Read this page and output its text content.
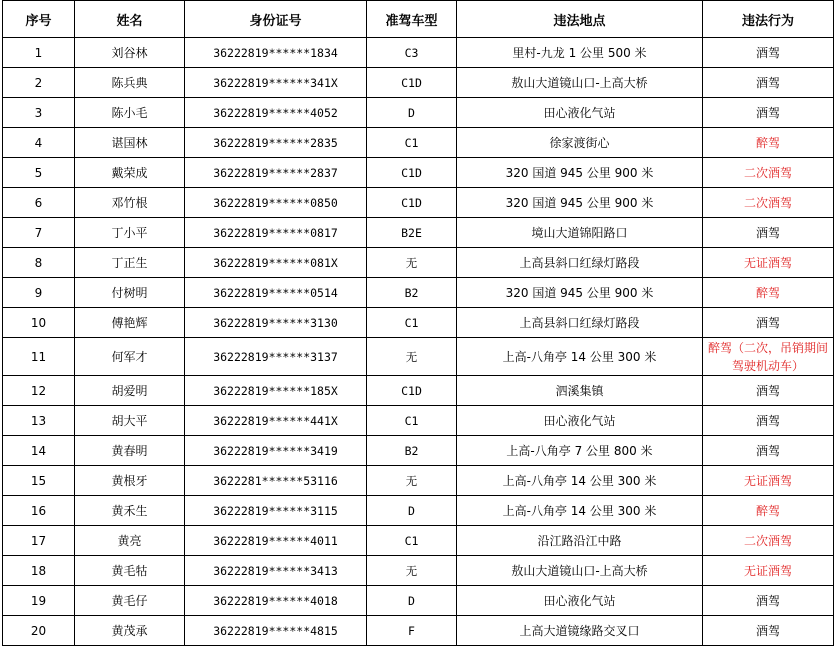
序号	姓名	身份证号	准驾车型	违法地点	违法行为
1	刘谷林	36222819******1834	C3	里村-九龙 1 公里 500 米	酒驾
2	陈兵典	36222819******341X	C1D	敖山大道镜山口-上高大桥	酒驾
3	陈小毛	36222819******4052	D	田心液化气站	酒驾
4	谌国林	36222819******2835	C1	徐家渡街心	醉驾
5	戴荣成	36222819******2837	C1D	320 国道 945 公里 900 米	二次酒驾
6	邓竹根	36222819******0850	C1D	320 国道 945 公里 900 米	二次酒驾
7	丁小平	36222819******0817	B2E	境山大道锦阳路口	酒驾
8	丁正生	36222819******081X	无	上高县斜口红绿灯路段	无证酒驾
9	付树明	36222819******0514	B2	320 国道 945 公里 900 米	醉驾
10	傅艳辉	36222819******3130	C1	上高县斜口红绿灯路段	酒驾
11	何军才	36222819******3137	无	上高-八角亭 14 公里 300 米	醉驾（二次，吊销期间驾驶机动车）
12	胡爱明	36222819******185X	C1D	泗溪集镇	酒驾
13	胡大平	36222819******441X	C1	田心液化气站	酒驾
14	黄春明	36222819******3419	B2	上高-八角亭 7 公里 800 米	酒驾
15	黄根牙	3622281******53116	无	上高-八角亭 14 公里 300 米	无证酒驾
16	黄禾生	36222819******3115	D	上高-八角亭 14 公里 300 米	醉驾
17	黄亮	36222819******4011	C1	沿江路沿江中路	二次酒驾
18	黄毛牯	36222819******3413	无	敖山大道镜山口-上高大桥	无证酒驾
19	黄毛仔	36222819******4018	D	田心液化气站	酒驾
20	黄茂承	36222819******4815	F	上高大道镜缘路交叉口	酒驾
